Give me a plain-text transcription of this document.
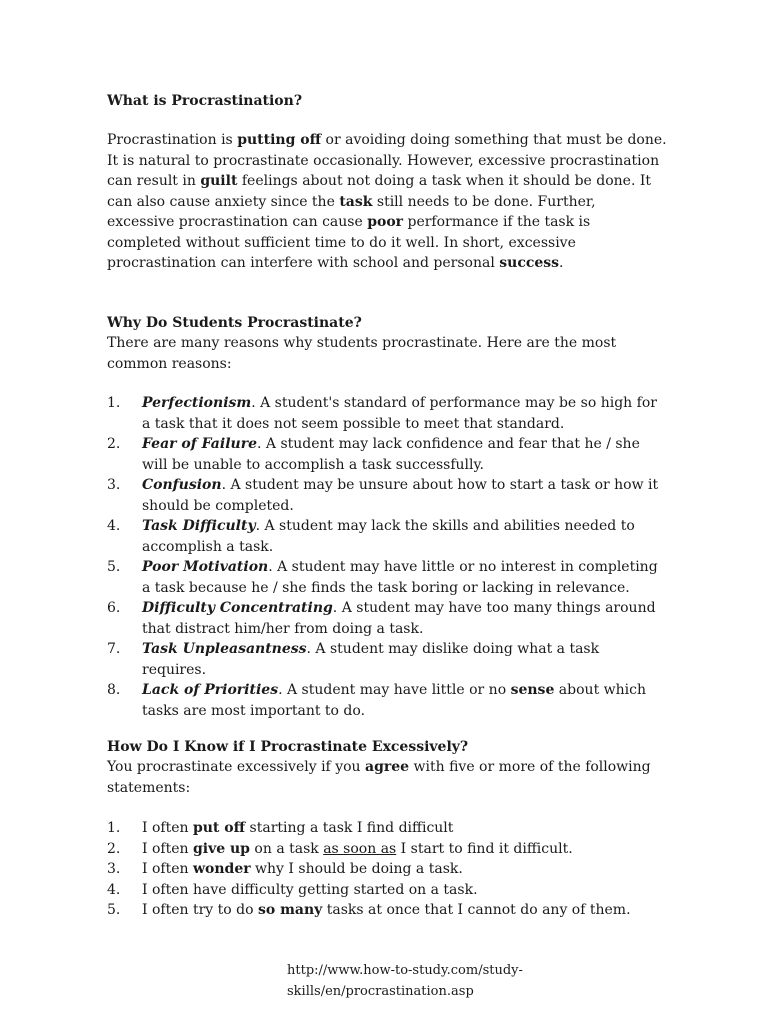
What is Procrastination?

Procrastination is putting off or avoiding doing something that must be done. It is natural to procrastinate occasionally. However, excessive procrastination can result in guilt feelings about not doing a task when it should be done. It can also cause anxiety since the task still needs to be done. Further, excessive procrastination can cause poor performance if the task is completed without sufficient time to do it well. In short, excessive procrastination can interfere with school and personal success.

Why Do Students Procrastinate?

There are many reasons why students procrastinate. Here are the most common reasons:

1. Perfectionism. A student's standard of performance may be so high for a task that it does not seem possible to meet that standard.
2. Fear of Failure. A student may lack confidence and fear that he / she will be unable to accomplish a task successfully.
3. Confusion. A student may be unsure about how to start a task or how it should be completed.
4. Task Difficulty. A student may lack the skills and abilities needed to accomplish a task.
5. Poor Motivation. A student may have little or no interest in completing a task because he / she finds the task boring or lacking in relevance.
6. Difficulty Concentrating. A student may have too many things around that distract him/her from doing a task.
7. Task Unpleasantness. A student may dislike doing what a task requires.
8. Lack of Priorities. A student may have little or no sense about which tasks are most important to do.
How Do I Know if I Procrastinate Excessively?

You procrastinate excessively if you agree with five or more of the following statements:

1. I often put off starting a task I find difficult
2. I often give up on a task as soon as I start to find it difficult.
3. I often wonder why I should be doing a task.
4. I often have difficulty getting started on a task.
5. I often try to do so many tasks at once that I cannot do any of them.
http://www.how-to-study.com/study-skills/en/procrastination.asp
